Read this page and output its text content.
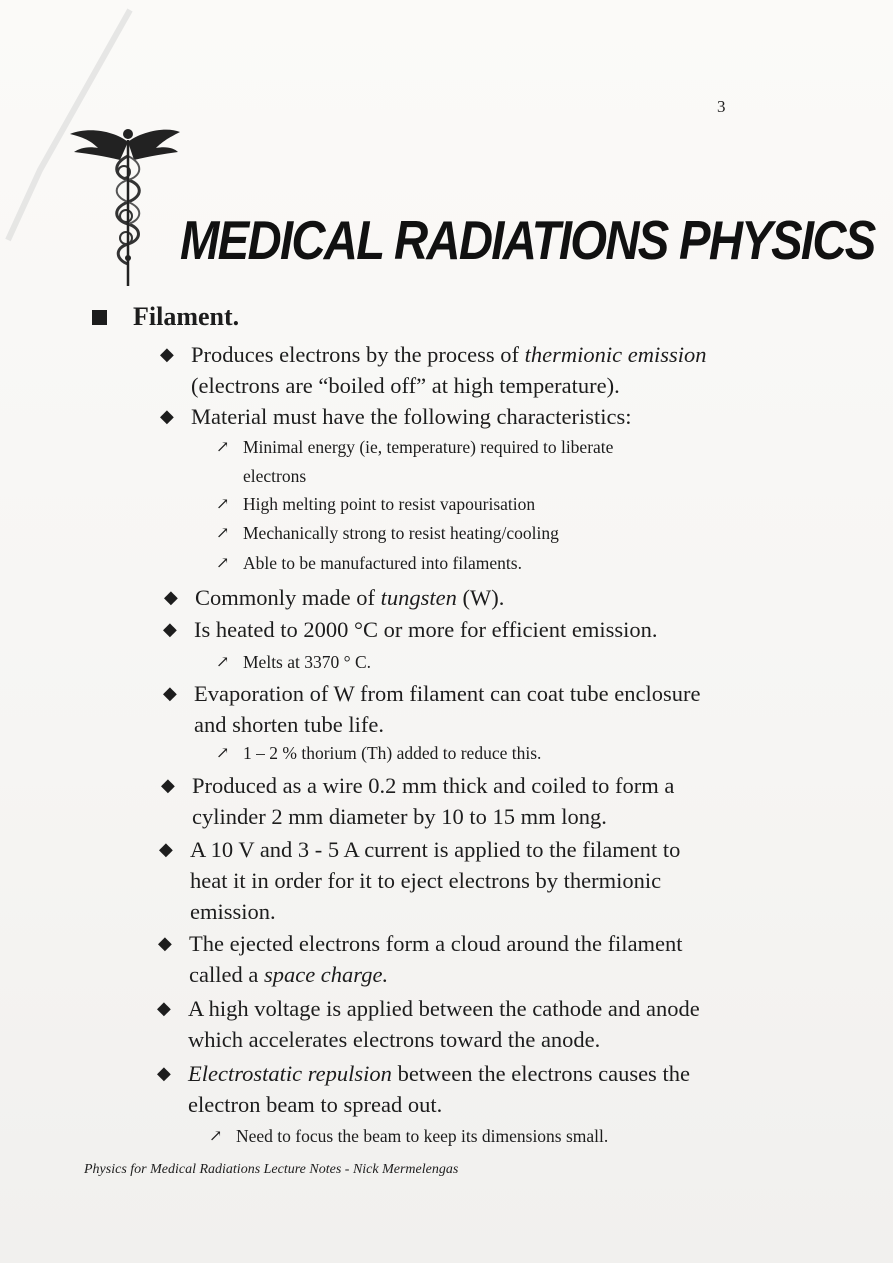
3
MEDICAL RADIATIONS PHYSICS
Filament.
◆ Produces electrons by the process of thermionic emission
(electrons are “boiled off” at high temperature).
◆ Material must have the following characteristics:
↗ Minimal energy (ie, temperature) required to liberate
electrons
↗ High melting point to resist vapourisation
↗ Mechanically strong to resist heating/cooling
↗ Able to be manufactured into filaments.
◆ Commonly made of tungsten (W).
◆ Is heated to 2000 °C or more for efficient emission.
↗ Melts at 3370 ° C.
◆ Evaporation of W from filament can coat tube enclosure
and shorten tube life.
↗ 1 – 2 % thorium (Th) added to reduce this.
◆ Produced as a wire 0.2 mm thick and coiled to form a
cylinder 2 mm diameter by 10 to 15 mm long.
◆ A 10 V and 3 - 5 A current is applied to the filament to
heat it in order for it to eject electrons by thermionic
emission.
◆ The ejected electrons form a cloud around the filament
called a space charge.
◆ A high voltage is applied between the cathode and anode
which accelerates electrons toward the anode.
◆ Electrostatic repulsion between the electrons causes the
electron beam to spread out.
↗ Need to focus the beam to keep its dimensions small.
Physics for Medical Radiations Lecture Notes - Nick Mermelengas
